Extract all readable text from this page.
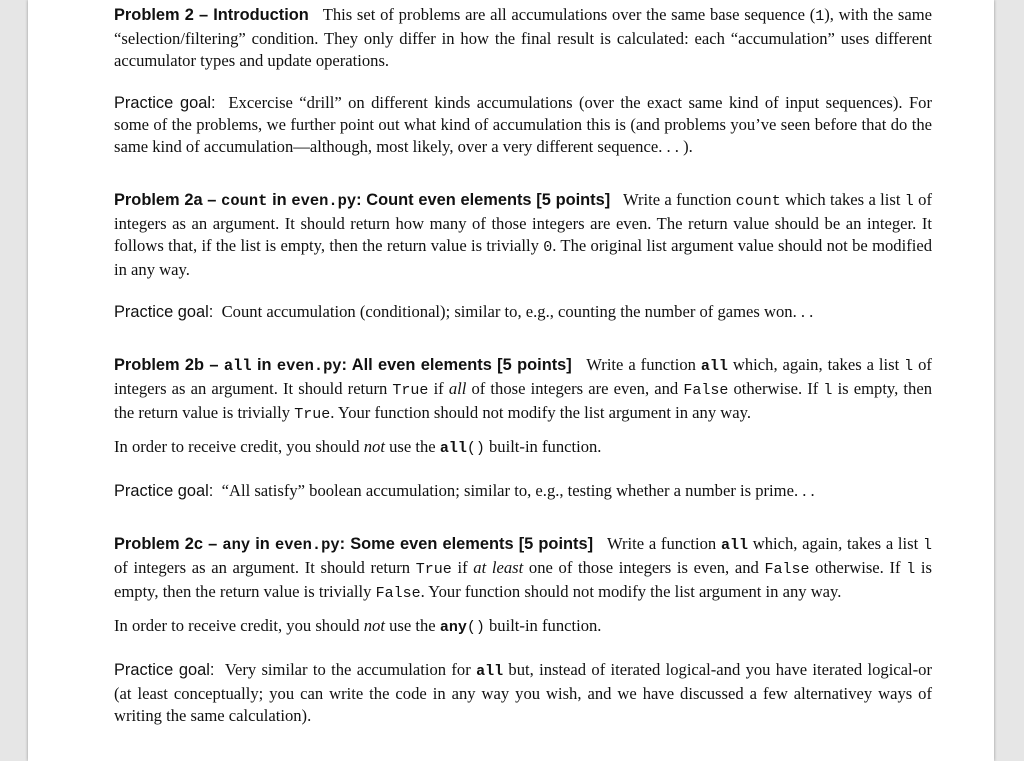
Problem 2 – Introduction This set of problems are all accumulations over the same base sequence (1), with the same “selection/filtering” condition. They only differ in how the final result is calculated: each “accumulation” uses different accumulator types and update operations.

Practice goal: Excercise “drill” on different kinds accumulations (over the exact same kind of input sequences). For some of the problems, we further point out what kind of accumulation this is (and problems you’ve seen before that do the same kind of accumulation—although, most likely, over a very different sequence. . . ).

Problem 2a – count in even.py: Count even elements [5 points] Write a function count which takes a list l of integers as an argument. It should return how many of those integers are even. The return value should be an integer. It follows that, if the list is empty, then the return value is trivially 0. The original list argument value should not be modified in any way.

Practice goal: Count accumulation (conditional); similar to, e.g., counting the number of games won. . .

Problem 2b – all in even.py: All even elements [5 points] Write a function all which, again, takes a list l of integers as an argument. It should return True if all of those integers are even, and False otherwise. If l is empty, then the return value is trivially True. Your function should not modify the list argument in any way.

In order to receive credit, you should not use the all() built-in function.

Practice goal: “All satisfy” boolean accumulation; similar to, e.g., testing whether a number is prime. . .

Problem 2c – any in even.py: Some even elements [5 points] Write a function all which, again, takes a list l of integers as an argument. It should return True if at least one of those integers is even, and False otherwise. If l is empty, then the return value is trivially False. Your function should not modify the list argument in any way.

In order to receive credit, you should not use the any() built-in function.

Practice goal: Very similar to the accumulation for all but, instead of iterated logical-and you have iterated logical-or (at least conceptually; you can write the code in any way you wish, and we have discussed a few alternativey ways of writing the same calculation).
